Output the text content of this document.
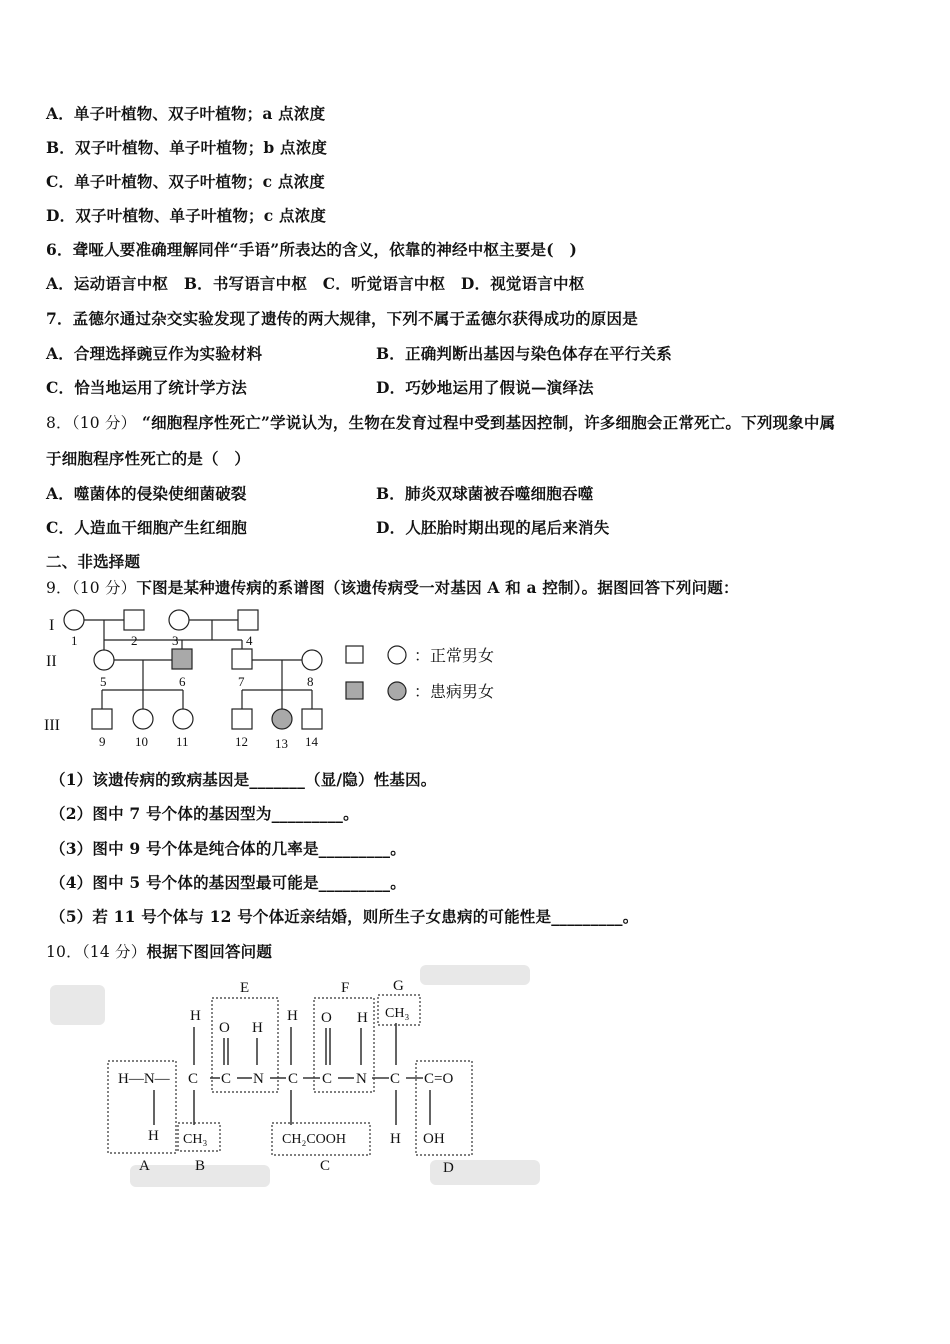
A．单子叶植物、双子叶植物；a 点浓度
B．双子叶植物、单子叶植物；b 点浓度
C．单子叶植物、双子叶植物；c 点浓度
D．双子叶植物、单子叶植物；c 点浓度
6．聋哑人要准确理解同伴“手语”所表达的含义，依靠的神经中枢主要是(　)
A．运动语言中枢　B．书写语言中枢　C．听觉语言中枢　D．视觉语言中枢
7．孟德尔通过杂交实验发现了遗传的两大规律，下列不属于孟德尔获得成功的原因是
A．合理选择豌豆作为实验材料	B．正确判断出基因与染色体存在平行关系
C．恰当地运用了统计学方法	D．巧妙地运用了假说—演绎法
8．（10 分） “细胞程序性死亡”学说认为，生物在发育过程中受到基因控制，许多细胞会正常死亡。下列现象中属
于细胞程序性死亡的是（　）
A．噬菌体的侵染使细菌破裂	B．肺炎双球菌被吞噬细胞吞噬
C．人造血干细胞产生红细胞	D．人胚胎时期出现的尾后来消失
二、非选择题
9．（10 分）下图是某种遗传病的系谱图（该遗传病受一对基因 A 和 a 控制）。据图回答下列问题：
I
II
III
1	2	3	4
5	6	7	8
9 10 11	12 13 14
：正常男女
：患病男女
（1）该遗传病的致病基因是_______（显/隐）性基因。
（2）图中 7 号个体的基因型为_________。
（3）图中 9 号个体是纯合体的几率是_________。
（4）图中 5 号个体的基因型最可能是_________。
（5）若 11 号个体与 12 号个体近亲结婚，则所生子女患病的可能性是_________。
10．（14 分）根据下图回答问题
E	F	G
A	B	C	D
H
O H
H O H CH₃
H—N— C C N C C N C C=O
H CH₃	CH₂COOH	H OH
